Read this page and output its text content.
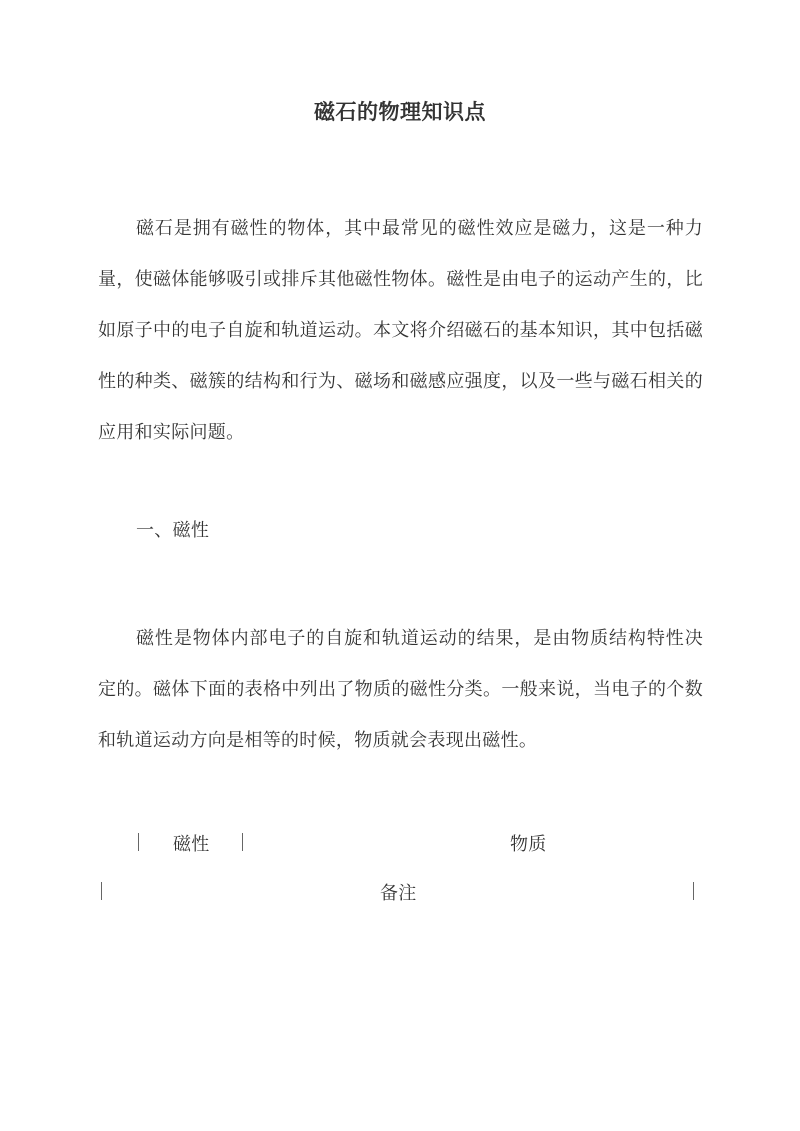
磁石的物理知识点

磁石是拥有磁性的物体，其中最常见的磁性效应是磁力，这是一种力量，使磁体能够吸引或排斥其他磁性物体。磁性是由电子的运动产生的，比如原子中的电子自旋和轨道运动。本文将介绍磁石的基本知识，其中包括磁性的种类、磁簇的结构和行为、磁场和磁感应强度，以及一些与磁石相关的应用和实际问题。

一、磁性

磁性是物体内部电子的自旋和轨道运动的结果，是由物质结构特性决定的。磁体下面的表格中列出了物质的磁性分类。一般来说，当电子的个数和轨道运动方向是相等的时候，物质就会表现出磁性。

磁性	物质
备注
